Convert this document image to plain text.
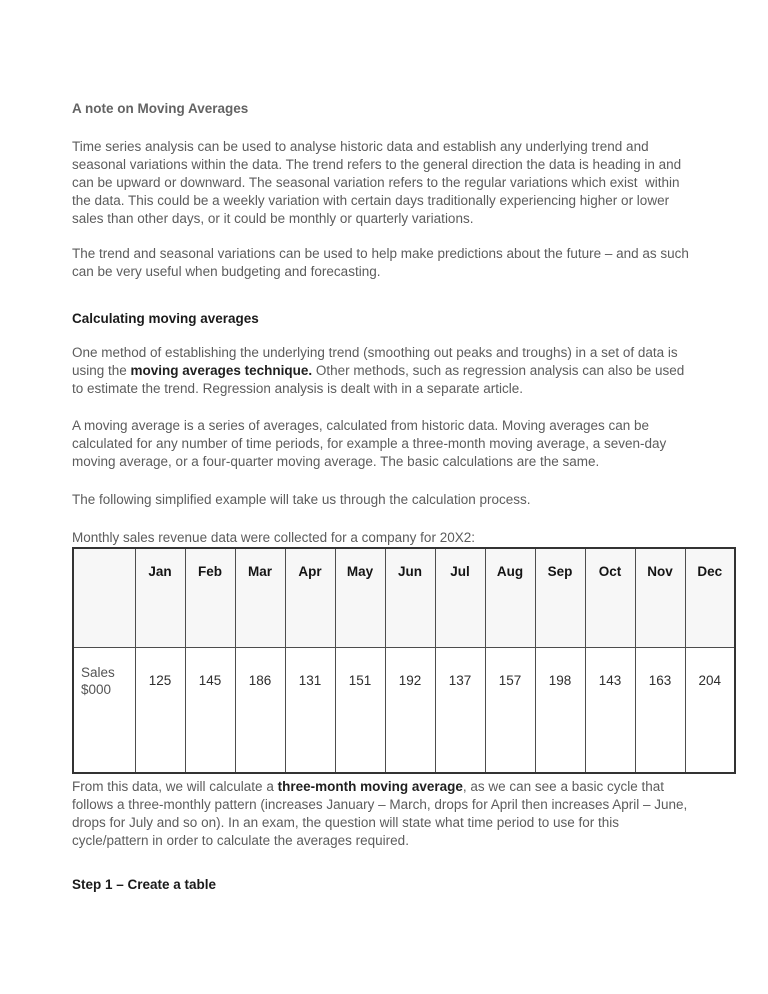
A note on Moving Averages

Time series analysis can be used to analyse historic data and establish any underlying trend and seasonal variations within the data. The trend refers to the general direction the data is heading in and can be upward or downward. The seasonal variation refers to the regular variations which exist  within the data. This could be a weekly variation with certain days traditionally experiencing higher or lower sales than other days, or it could be monthly or quarterly variations.

The trend and seasonal variations can be used to help make predictions about the future – and as such can be very useful when budgeting and forecasting.

Calculating moving averages

One method of establishing the underlying trend (smoothing out peaks and troughs) in a set of data is using the moving averages technique. Other methods, such as regression analysis can also be used to estimate the trend. Regression analysis is dealt with in a separate article.

A moving average is a series of averages, calculated from historic data. Moving averages can be calculated for any number of time periods, for example a three-month moving average, a seven-day moving average, or a four-quarter moving average. The basic calculations are the same.

The following simplified example will take us through the calculation process.

Monthly sales revenue data were collected for a company for 20X2:

	Jan	Feb	Mar	Apr	May	Jun	Jul	Aug	Sep	Oct	Nov	Dec
Sales $000	125	145	186	131	151	192	137	157	198	143	163	204

From this data, we will calculate a three-month moving average, as we can see a basic cycle that follows a three-monthly pattern (increases January – March, drops for April then increases April – June, drops for July and so on). In an exam, the question will state what time period to use for this cycle/pattern in order to calculate the averages required.

Step 1 – Create a table
